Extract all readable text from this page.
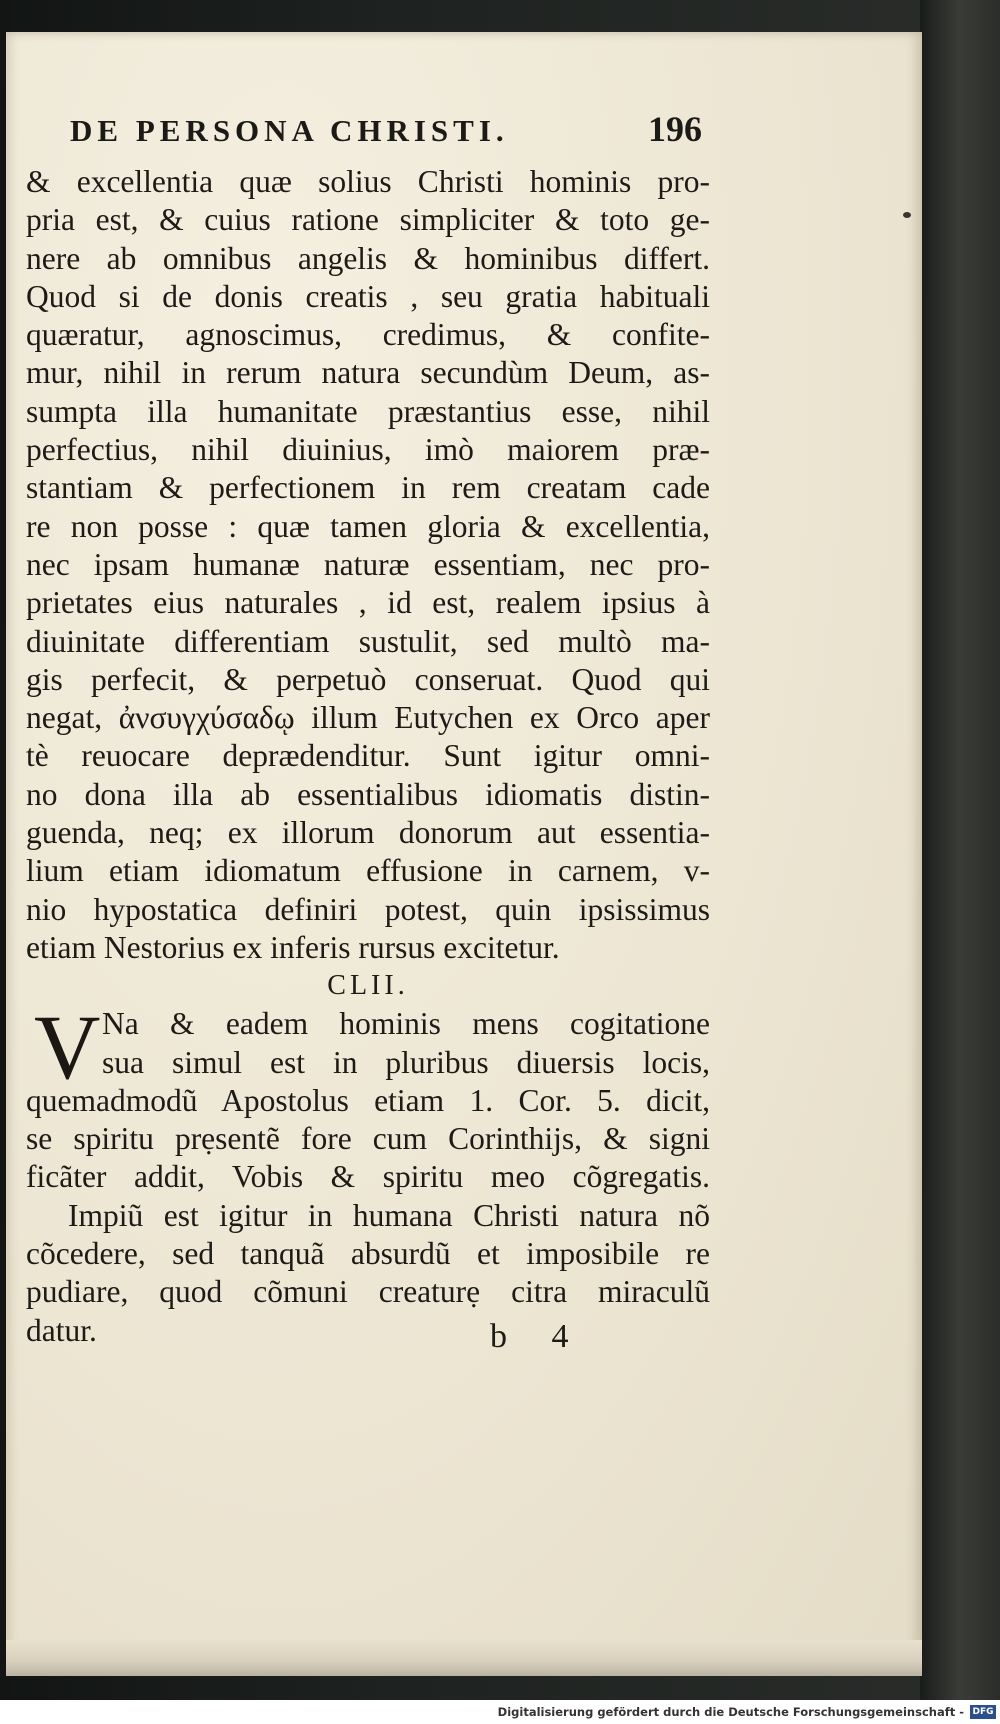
DE PERSONA CHRISTI.	196
& excellentia quæ solius Christi hominis pro-
pria est, & cuius ratione simpliciter & toto ge-
nere ab omnibus angelis & hominibus differt.
Quod si de donis creatis , seu gratia habituali
quæratur, agnoscimus, credimus, & confite-
mur, nihil in rerum natura secundùm Deum, as-
sumpta illa humanitate præstantius esse, nihil
perfectius, nihil diuinius, imò maiorem præ-
stantiam & perfectionem in rem creatam cade
re non posse : quæ tamen gloria & excellentia,
nec ipsam humanæ naturæ essentiam, nec pro-
prietates eius naturales , id est, realem ipsius à
diuinitate differentiam sustulit, sed multò ma-
gis perfecit, & perpetuò conseruat. Quod qui
negat, ἀνσυγχύσαδῳ illum Eutychen ex Orco aper
tè reuocare deprædenditur. Sunt igitur omni-
no dona illa ab essentialibus idiomatis distin-
guenda, neq; ex illorum donorum aut essentia-
lium etiam idiomatum effusione in carnem, v-
nio hypostatica definiri potest, quin ipsissimus
etiam Nestorius ex inferis rursus excitetur.
CLII.
V Na & eadem hominis mens cogitatione
sua simul est in pluribus diuersis locis,
quemadmodũ Apostolus etiam 1. Cor. 5. dicit,
se spiritu prẹsentẽ fore cum Corinthijs, & signi
ficãter addit, Vobis & spiritu meo cõgregatis.
Impiũ est igitur in humana Christi natura nõ
cõcedere, sed tanquã absurdũ et imposibile re
pudiare, quod cõmuni creaturẹ citra miraculũ
datur.	b 4
Digitalisierung gefördert durch die Deutsche Forschungsgemeinschaft - DFG
